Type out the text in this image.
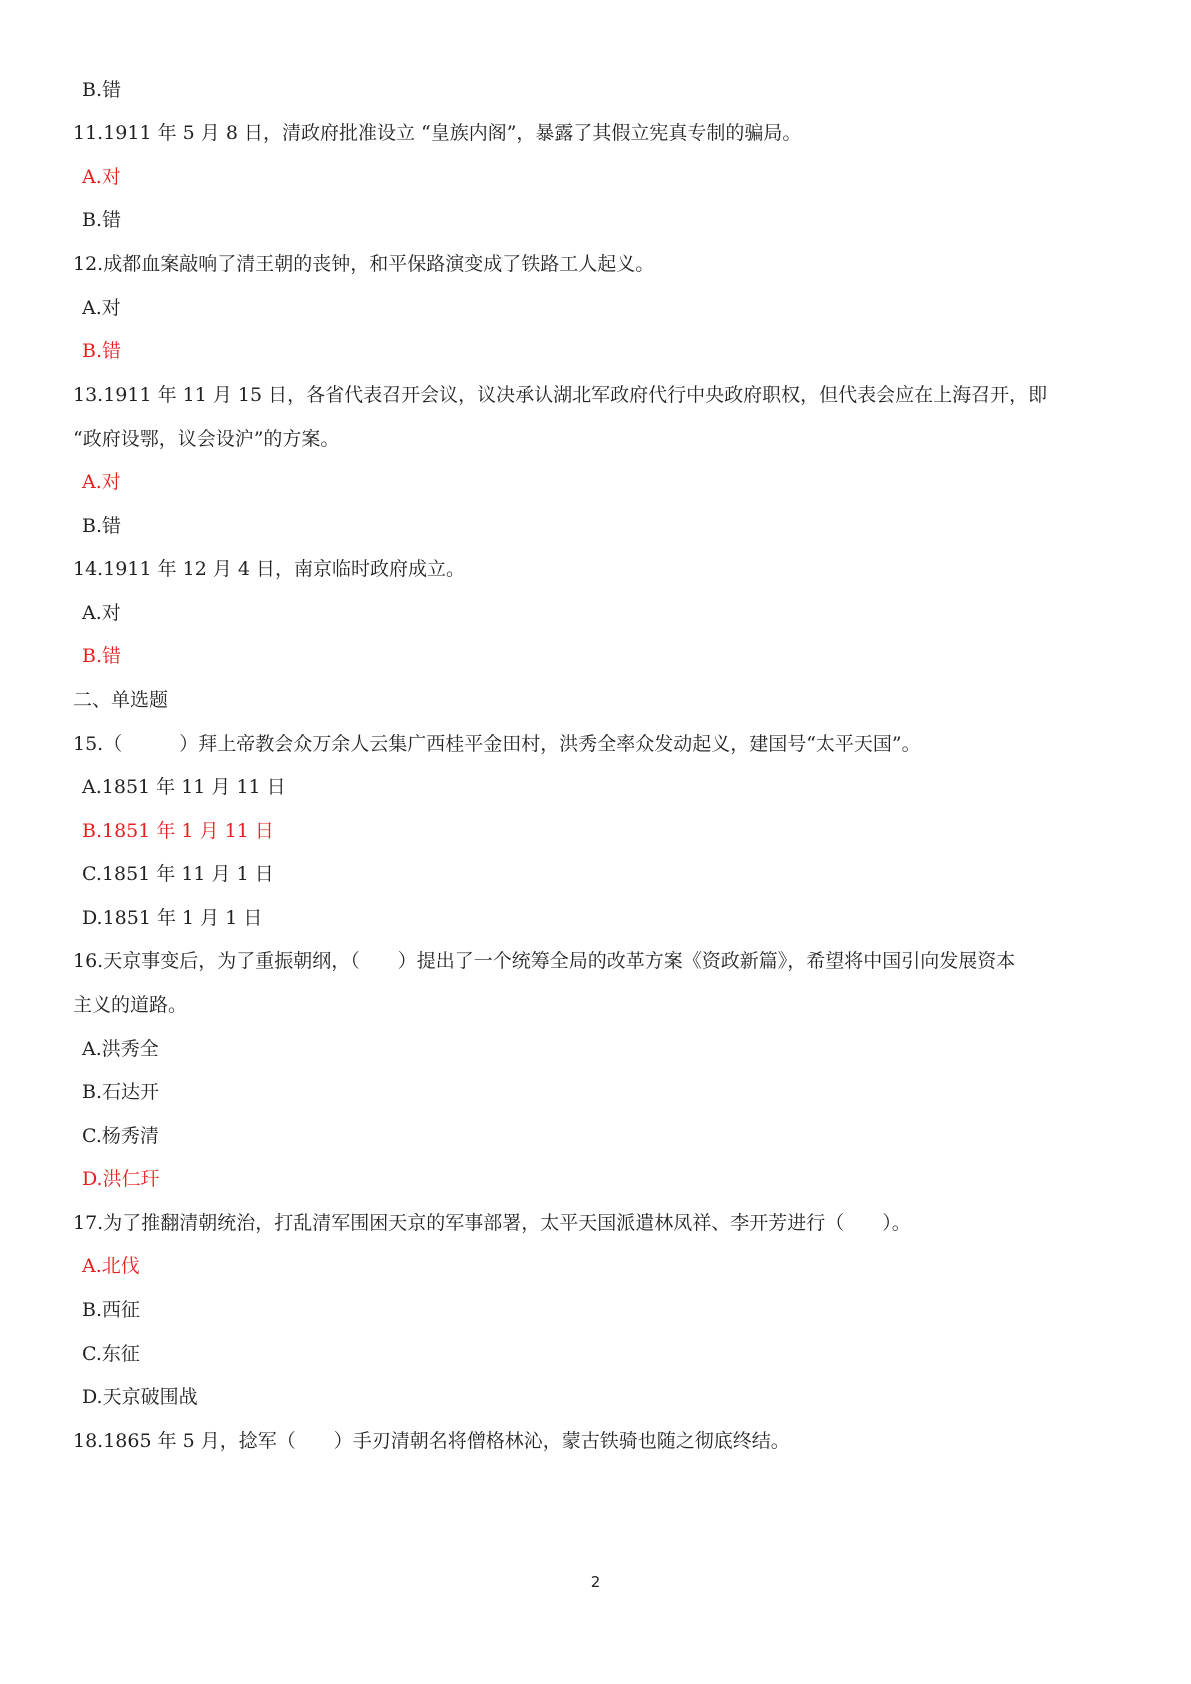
B.错
11.1911 年 5 月 8 日，清政府批准设立 “皇族内阁”，暴露了其假立宪真专制的骗局。
A.对
B.错
12.成都血案敲响了清王朝的丧钟，和平保路演变成了铁路工人起义。
A.对
B.错
13.1911 年 11 月 15 日，各省代表召开会议，议决承认湖北军政府代行中央政府职权，但代表会应在上海召开，即
“政府设鄂，议会设沪”的方案。
A.对
B.错
14.1911 年 12 月 4 日，南京临时政府成立。
A.对
B.错
二、单选题
15.（　　　）拜上帝教会众万余人云集广西桂平金田村，洪秀全率众发动起义，建国号“太平天国”。
A.1851 年 11 月 11 日
B.1851 年 1 月 11 日
C.1851 年 11 月 1 日
D.1851 年 1 月 1 日
16.天京事变后，为了重振朝纲，（　　）提出了一个统筹全局的改革方案《资政新篇》，希望将中国引向发展资本
主义的道路。
A.洪秀全
B.石达开
C.杨秀清
D.洪仁玕
17.为了推翻清朝统治，打乱清军围困天京的军事部署，太平天国派遣林凤祥、李开芳进行（　　）。
A.北伐
B.西征
C.东征
D.天京破围战
18.1865 年 5 月，捻军（　　）手刃清朝名将僧格林沁，蒙古铁骑也随之彻底终结。
2
